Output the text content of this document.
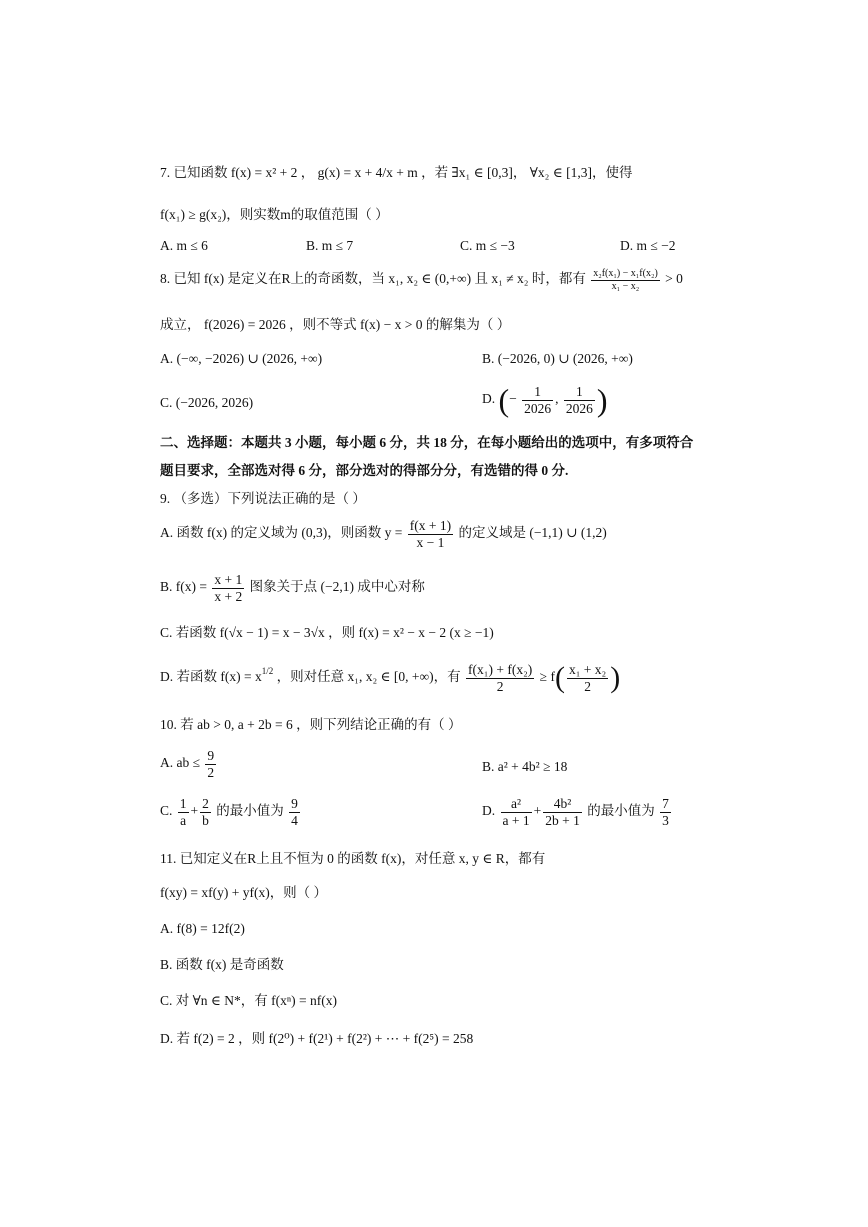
7. 已知函数 f(x) = x² + 2 ， g(x) = x + 4/x + m ，若 ∃x₁ ∈ [0,3]， ∀x₂ ∈ [1,3]，使得
f(x₁) ≥ g(x₂)，则实数m的取值范围（ ）
A. m ≤ 6	B. m ≤ 7	C. m ≤ −3	D. m ≤ −2
8. 已知 f(x) 是定义在R上的奇函数，当 x₁, x₂ ∈ (0,+∞) 且 x₁ ≠ x₂ 时，都有 $\frac{\text{x₂f(x₁) − x₁f(x₂)}}{\text{x₁ − x₂}} > 0$
成立， f(2026) = 2026 ，则不等式 f(x) − x > 0 的解集为（ ）
A. (−∞, −2026) ∪ (2026, +∞)	B. (−2026, 0) ∪ (2026, +∞)
C. (−2026, 2026)	D. (− $\frac{1}{2026}$ , $\frac{1}{2026}$ )
二、选择题：本题共 3 小题，每小题 6 分，共 18 分，在每小题给出的选项中，有多项符合
题目要求，全部选对得 6 分，部分选对的得部分分，有选错的得 0 分.
9. （多选）下列说法正确的是（ ）
A. 函数 f(x) 的定义域为 (0,3)，则函数 $y = \frac{f(x + 1)}{x - 1}$ 的定义域是 (−1,1) ∪ (1,2)
B. $f(x) = \frac{x + 1}{x + 2}$ 图象关于点 (−2,1) 成中心对称
C. 若函数 f(√x − 1) = x − 3√x ，则 f(x) = x² − x − 2 (x ≥ −1)
D. 若函数 $f(x) = x^{1/2}$ ，则对任意 x₁, x₂ ∈ [0, +∞)，有 $\frac{\text{f(x₁) + f(x₂)}}{2} \ge f( \frac{\text{x₁ + x₂}}{2}$ )
10. 若 ab > 0, a + 2b = 6 ，则下列结论正确的有（ ）
A. ab ≤ $\frac{9}{2}$	B. a² + 4b² ≥ 18
C. $\frac{1}{a} + \frac{2}{b}$ 的最小值为 $\frac{9}{4}$	D. $\frac{\text{a²}}{a + 1} + \frac{\text{4b²}}{2b + 1}$ 的最小值为 $\frac{7}{3}$
11. 已知定义在R上且不恒为 0 的函数 f(x)，对任意 x, y ∈ R，都有
f(xy) = xf(y) + yf(x)，则（ ）
A. f(8) = 12f(2)
B. 函数 f(x) 是奇函数
C. 对 ∀n ∈ N*，有 f(xⁿ) = nf(x)
D. 若 f(2) = 2 ，则 f(2⁰) + f(2¹) + f(2²) + ⋯ + f(2⁵) = 258
